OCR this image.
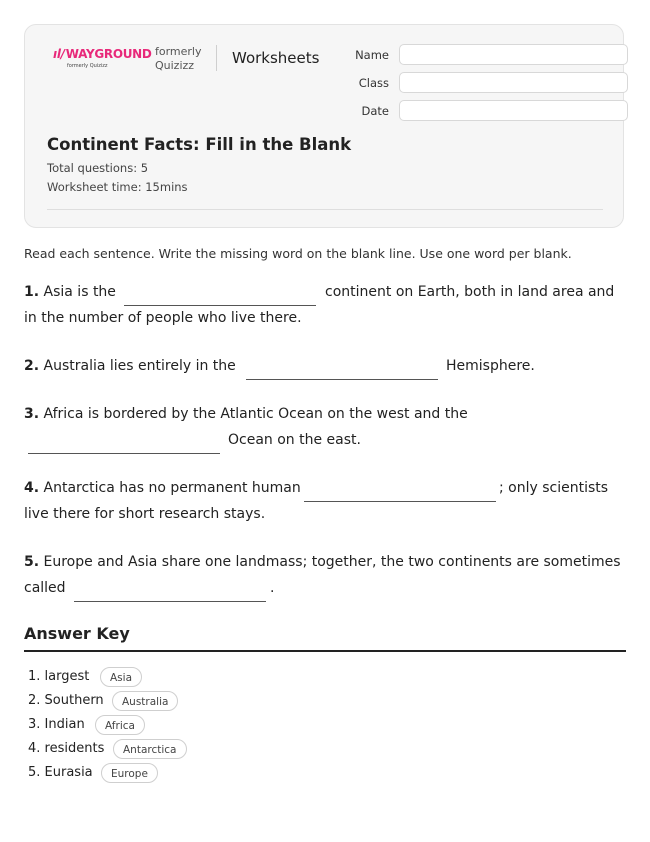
ıl/WAYGROUND
formerly Quizizz
formerly
Quizizz	Worksheets	Name
Class
Date
Continent Facts: Fill in the Blank
Total questions: 5
Worksheet time: 15mins
Read each sentence. Write the missing word on the blank line. Use one word per blank.
1. Asia is the	continent on Earth, both in land area and
in the number of people who live there.
2. Australia lies entirely in the	Hemisphere.
3. Africa is bordered by the Atlantic Ocean on the west and the
Ocean on the east.
4. Antarctica has no permanent human	; only scientists
live there for short research stays.
5. Europe and Asia share one landmass; together, the two continents are sometimes
called	.
Answer Key
1. largest	Asia
2. Southern	Australia
3. Indian	Africa
4. residents	Antarctica
5. Eurasia	Europe
